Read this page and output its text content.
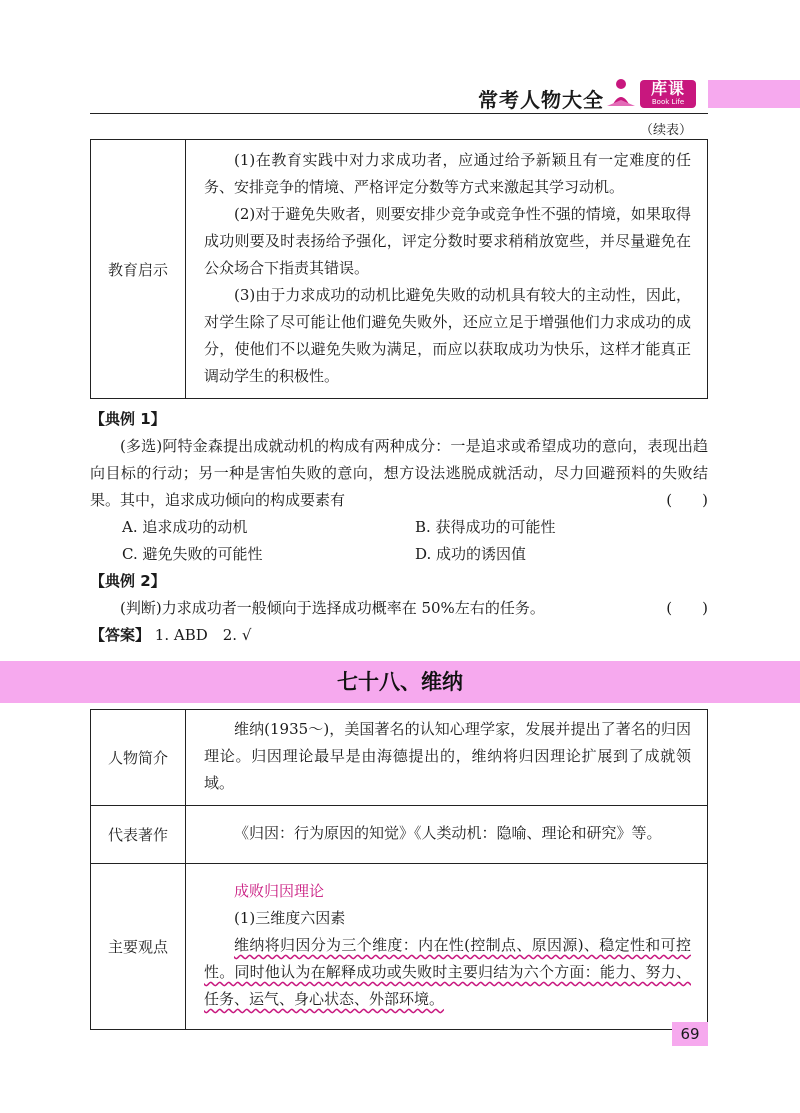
常考人物大全	库课
Book Life
（续表）
教育启示	

(1)在教育实践中对力求成功者，应通过给予新颖且有一定难度的任务、安排竞争的情境、严格评定分数等方式来激起其学习动机。

(2)对于避免失败者，则要安排少竞争或竞争性不强的情境，如果取得成功则要及时表扬给予强化，评定分数时要求稍稍放宽些，并尽量避免在公众场合下指责其错误。

(3)由于力求成功的动机比避免失败的动机具有较大的主动性，因此，对学生除了尽可能让他们避免失败外，还应立足于增强他们力求成功的成分，使他们不以避免失败为满足，而应以获取成功为快乐，这样才能真正调动学生的积极性。

【典例 1】

(多选)阿特金森提出成就动机的构成有两种成分：一是追求或希望成功的意向，表现出趋向目标的行动；另一种是害怕失败的意向，想方设法逃脱成就活动，尽力回避预料的失败结果。其中，追求成功倾向的构成要素有	(　　)

A. 追求成功的动机	B. 获得成功的可能性
C. 避免失败的可能性	D. 成功的诱因值

【典例 2】

(判断)力求成功者一般倾向于选择成功概率在 50%左右的任务。	(　　)

【答案】 1. ABD　2. √

七十八、维纳
人物简介	维纳(1935～)，美国著名的认知心理学家，发展并提出了著名的归因理论。归因理论最早是由海德提出的，维纳将归因理论扩展到了成就领域。

代表著作	《归因：行为原因的知觉》《人类动机：隐喻、理论和研究》等。

主要观点	成败归因理论

(1)三维度六因素

维纳将归因分为三个维度：内在性(控制点、原因源)、稳定性和可控性。同时他认为在解释成功或失败时主要归结为六个方面：能力、努力、任务、运气、身心状态、外部环境。

69
